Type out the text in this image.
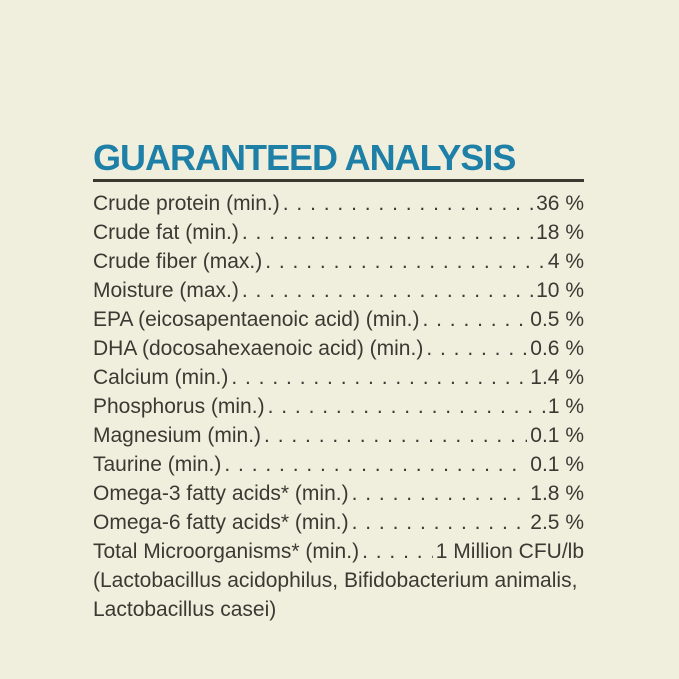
GUARANTEED ANALYSIS
Crude protein (min.) . . .	36 %
Crude fat (min.) . . .	18 %
Crude fiber (max.) . . .	4 %
Moisture (max.) . . .	10 %
EPA (eicosapentaenoic acid) (min.) . . .	0.5 %
DHA (docosahexaenoic acid) (min.) . . .	0.6 %
Calcium (min.) . . .	1.4 %
Phosphorus (min.) . . .	1 %
Magnesium (min.) . . .	0.1 %
Taurine (min.) . . .	0.1 %
Omega-3 fatty acids* (min.) . . .	1.8 %
Omega-6 fatty acids* (min.) . . .	2.5 %
Total Microorganisms* (min.) . . .	1 Million CFU/lb

(Lactobacillus acidophilus, Bifidobacterium animalis, Lactobacillus casei)
